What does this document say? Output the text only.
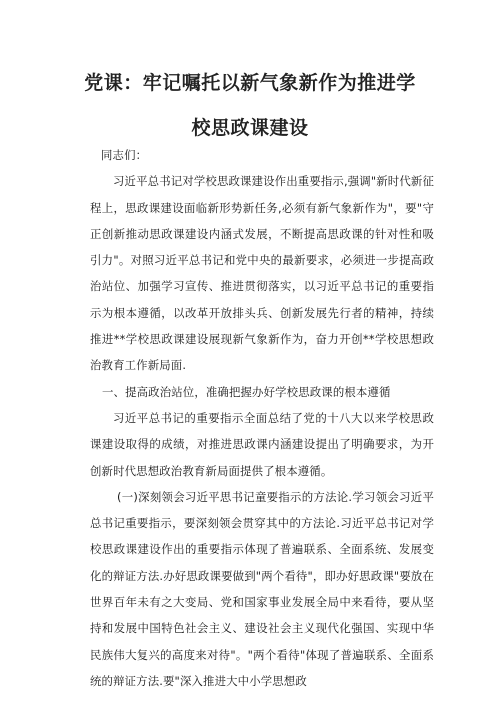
党课：牢记嘱托以新气象新作为推进学
校思政课建设

同志们：

习近平总书记对学校思政课建设作出重要指示,强调"新时代新征程上，思政课建设面临新形势新任务,必须有新气象新作为"，要"守正创新推动思政课建设内涵式发展，不断提高思政课的针对性和吸引力"。对照习近平总书记和党中央的最新要求，必须进一步提高政治站位、加强学习宣传、推进贯彻落实，以习近平总书记的重要指示为根本遵循，以改革开放排头兵、创新发展先行者的精神，持续推进**学校思政课建设展现新气象新作为，奋力开创**学校思想政治教育工作新局面.

一、提高政治站位，准确把握办好学校思政课的根本遵循

习近平总书记的重要指示全面总结了党的十八大以来学校思政课建设取得的成绩，对推进思政课内涵建设提出了明确要求，为开创新时代思想政治教育新局面提供了根本遵循。

(一)深刻领会习近平思书记童要指示的方法论.学习领会习近平总书记重要指示，要深刻领会贯穿其中的方法论.习近平总书记对学校思政课建设作出的重要指示体现了普遍联系、全面系统、发展变化的辩证方法.办好思政课要做到"两个看待"，即办好思政课"要放在世界百年未有之大变局、党和国家事业发展全局中来看待，要从坚持和发展中国特色社会主义、建设社会主义现代化强国、实现中华民族伟大复兴的高度来对待"。"两个看待"体现了普遍联系、全面系统的辩证方法.要"深入推进大中小学思想政
